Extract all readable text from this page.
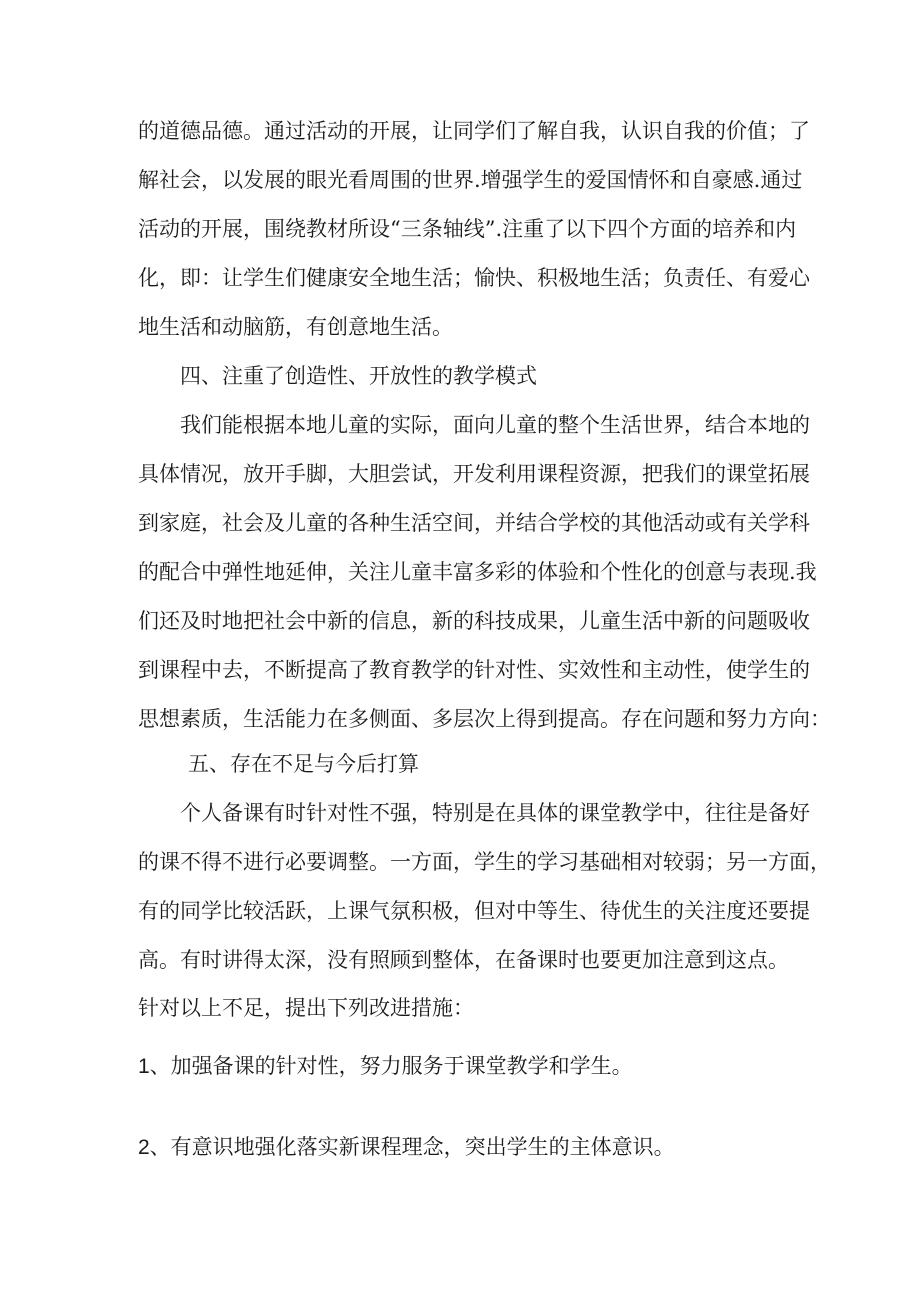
的道德品德。通过活动的开展，让同学们了解自我，认识自我的价值；了
解社会，以发展的眼光看周围的世界.增强学生的爱国情怀和自豪感.通过
活动的开展，围绕教材所设“三条轴线”.注重了以下四个方面的培养和内
化，即：让学生们健康安全地生活；愉快、积极地生活；负责任、有爱心
地生活和动脑筋，有创意地生活。
四、注重了创造性、开放性的教学模式
我们能根据本地儿童的实际，面向儿童的整个生活世界，结合本地的
具体情况，放开手脚，大胆尝试，开发利用课程资源，把我们的课堂拓展
到家庭，社会及儿童的各种生活空间，并结合学校的其他活动或有关学科
的配合中弹性地延伸，关注儿童丰富多彩的体验和个性化的创意与表现.我
们还及时地把社会中新的信息，新的科技成果，儿童生活中新的问题吸收
到课程中去，不断提高了教育教学的针对性、实效性和主动性，使学生的
思想素质，生活能力在多侧面、多层次上得到提高。存在问题和努力方向：
五、存在不足与今后打算
个人备课有时针对性不强，特别是在具体的课堂教学中，往往是备好
的课不得不进行必要调整。一方面，学生的学习基础相对较弱；另一方面，
有的同学比较活跃，上课气氛积极，但对中等生、待优生的关注度还要提
高。有时讲得太深，没有照顾到整体，在备课时也要更加注意到这点。
针对以上不足，提出下列改进措施：
1、加强备课的针对性，努力服务于课堂教学和学生。
2、有意识地强化落实新课程理念，突出学生的主体意识。
